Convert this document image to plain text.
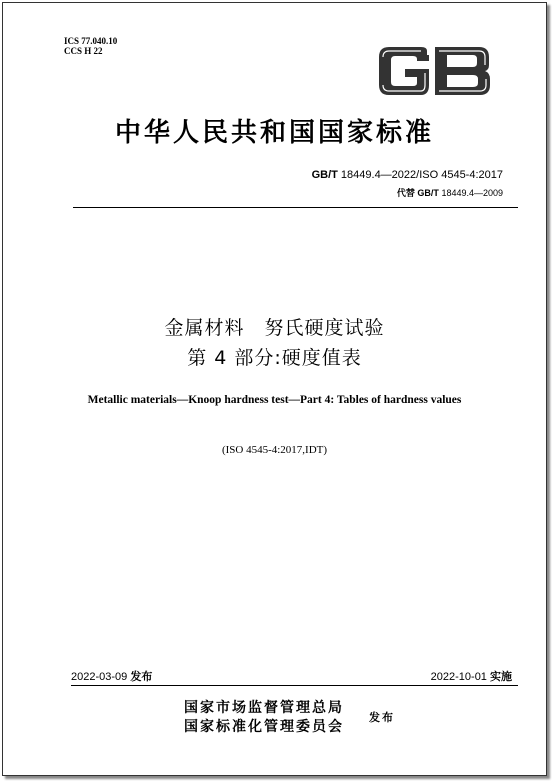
ICS 77.040.10
CCS H 22
中华人民共和国国家标准
GB/T 18449.4—2022/ISO 4545-4:2017
代替 GB/T 18449.4—2009
金属材料　努氏硬度试验
第 4 部分:硬度值表
Metallic materials—Knoop hardness test—Part 4: Tables of hardness values
(ISO 4545-4:2017,IDT)
2022-03-09 发布	2022-10-01 实施
国家市场监督管理总局
国家标准化管理委员会
发布
